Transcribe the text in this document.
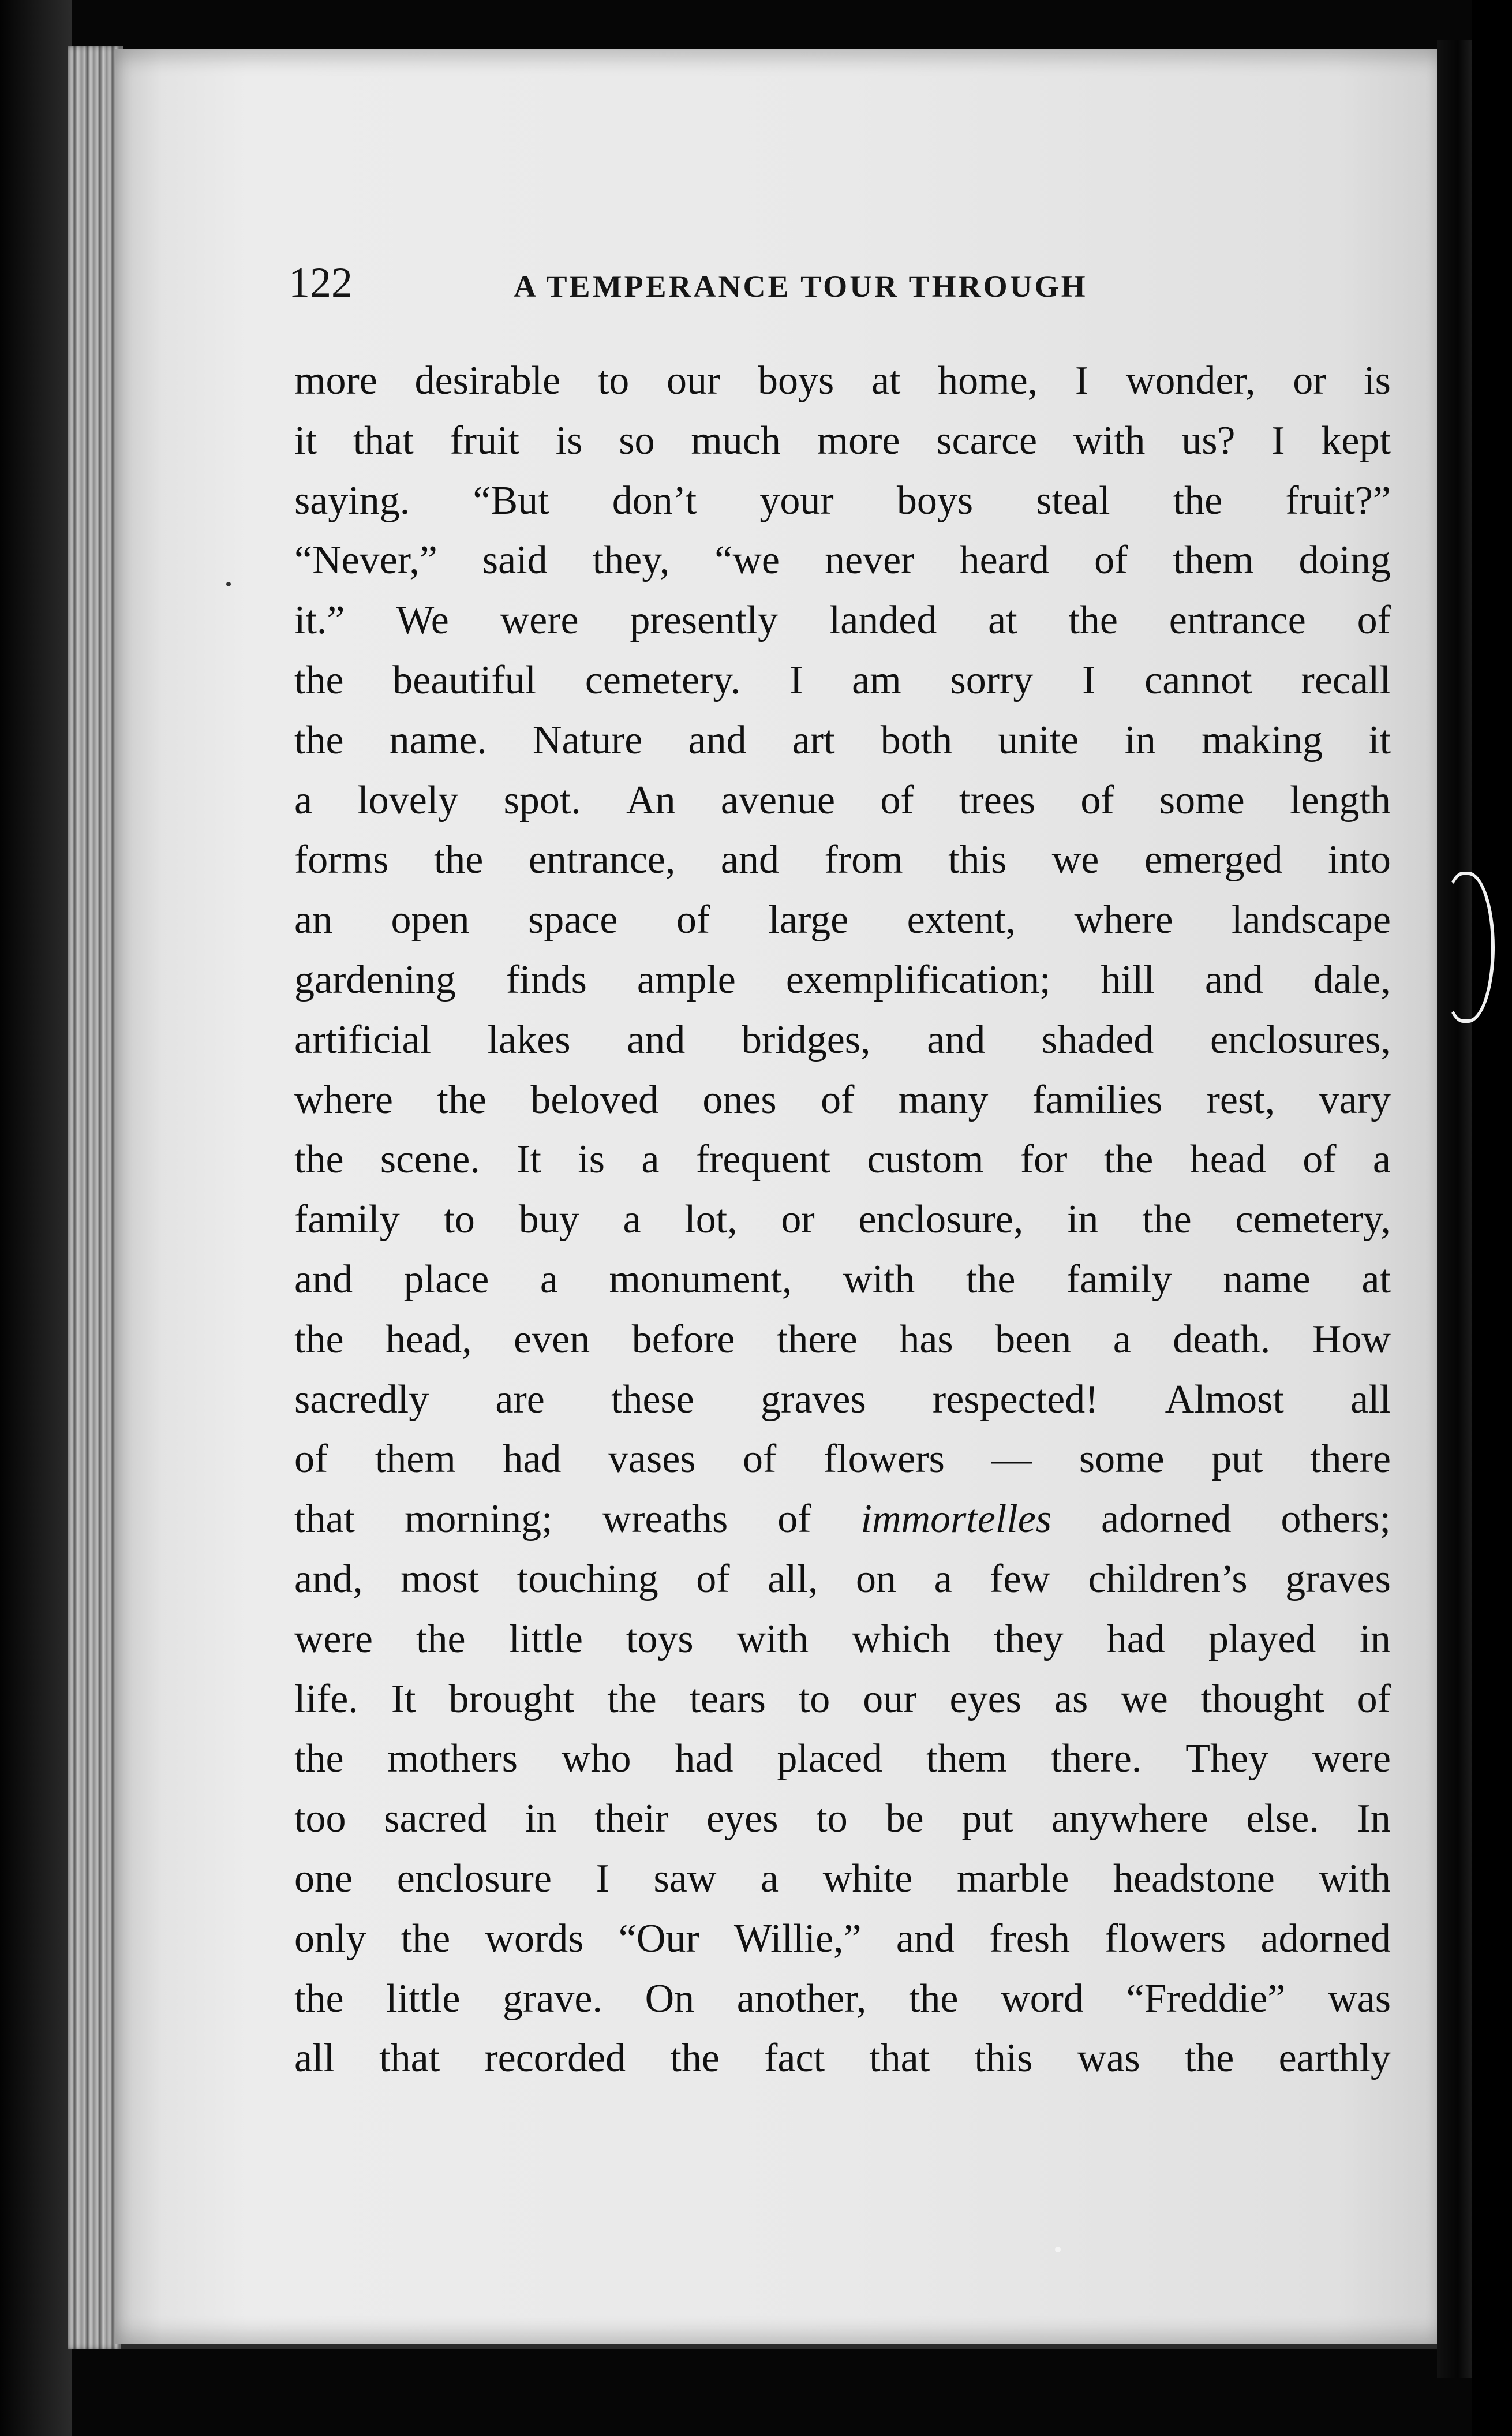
122	A TEMPERANCE TOUR THROUGH
more desirable to our boys at home, I wonder, or is
it that fruit is so much more scarce with us? I kept
saying. “But don’t your boys steal the fruit?”
“Never,” said they, “we never heard of them doing
it.” We were presently landed at the entrance of
the beautiful cemetery. I am sorry I cannot recall
the name. Nature and art both unite in making it
a lovely spot. An avenue of trees of some length
forms the entrance, and from this we emerged into
an open space of large extent, where landscape
gardening finds ample exemplification; hill and dale,
artificial lakes and bridges, and shaded enclosures,
where the beloved ones of many families rest, vary
the scene. It is a frequent custom for the head of a
family to buy a lot, or enclosure, in the cemetery,
and place a monument, with the family name at
the head, even before there has been a death. How
sacredly are these graves respected! Almost all
of them had vases of flowers — some put there
that morning; wreaths of immortelles adorned others;
and, most touching of all, on a few children’s graves
were the little toys with which they had played in
life. It brought the tears to our eyes as we thought of
the mothers who had placed them there. They were
too sacred in their eyes to be put anywhere else. In
one enclosure I saw a white marble headstone with
only the words “Our Willie,” and fresh flowers adorned
the little grave. On another, the word “Freddie” was
all that recorded the fact that this was the earthly
